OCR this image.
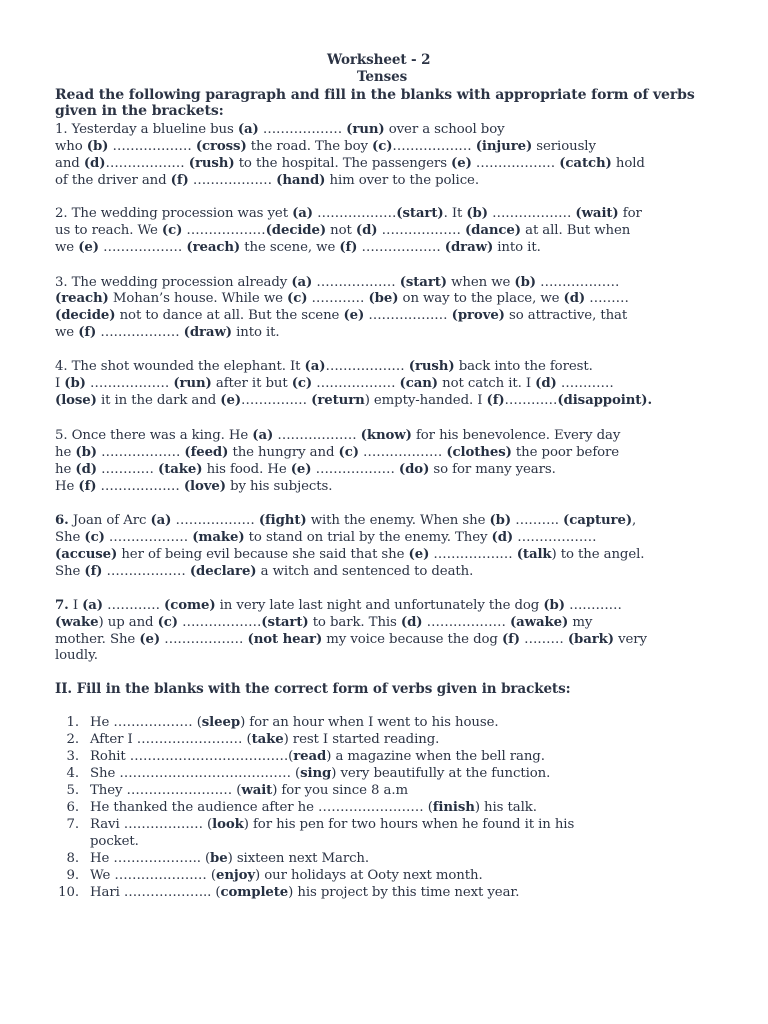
Worksheet - 2
Tenses
Read the following paragraph and fill in the blanks with appropriate form of verbs
given in the brackets:
1. Yesterday a blueline bus (a) ……………… (run) over a school boy
who (b) ……………… (cross) the road. The boy (c)……………… (injure) seriously
and (d)……………… (rush) to the hospital. The passengers (e) ……………… (catch) hold
of the driver and (f) ……………… (hand) him over to the police.
2. The wedding procession was yet (a) ………………(start). It (b) ……………… (wait) for
us to reach. We (c) ………………(decide) not (d) ……………… (dance) at all. But when
we (e) ……………… (reach) the scene, we (f) ……………… (draw) into it.
3. The wedding procession already (a) ……………… (start) when we (b) ………………
(reach) Mohan’s house. While we (c) ………… (be) on way to the place, we (d) ………
(decide) not to dance at all. But the scene (e) ……………… (prove) so attractive, that
we (f) ……………… (draw) into it.
4. The shot wounded the elephant. It (a)……………… (rush) back into the forest.
I (b) ……………… (run) after it but (c) ……………… (can) not catch it. I (d) …………
(lose) it in the dark and (e)…………… (return) empty-handed. I (f)…………(disappoint).
5. Once there was a king. He (a) ……………… (know) for his benevolence. Every day
he (b) ……………… (feed) the hungry and (c) ……………… (clothes) the poor before
he (d) ………… (take) his food. He (e) ……………… (do) so for many years.
He (f) ……………… (love) by his subjects.
6. Joan of Arc (a) ……………… (fight) with the enemy. When she (b) ………. (capture),
She (c) ……………… (make) to stand on trial by the enemy. They (d) ………………
(accuse) her of being evil because she said that she (e) ……………… (talk) to the angel.
She (f) ……………… (declare) a witch and sentenced to death.
7. I (a) ………… (come) in very late last night and unfortunately the dog (b) …………
(wake) up and (c) ………………(start) to bark. This (d) ……………… (awake) my
mother. She (e) ……………… (not hear) my voice because the dog (f) ……… (bark) very
loudly.
II. Fill in the blanks with the correct form of verbs given in brackets:
1. He ……………… (sleep) for an hour when I went to his house.
2. After I …………………… (take) rest I started reading.
3. Rohit ………………………………(read) a magazine when the bell rang.
4. She ………………………………… (sing) very beautifully at the function.
5. They …………………… (wait) for you since 8 a.m
6. He thanked the audience after he …………………… (finish) his talk.
7. Ravi ……………… (look) for his pen for two hours when he found it in his
pocket.
8. He ……………….. (be) sixteen next March.
9. We ………………… (enjoy) our holidays at Ooty next month.
10. Hari ……………….. (complete) his project by this time next year.
